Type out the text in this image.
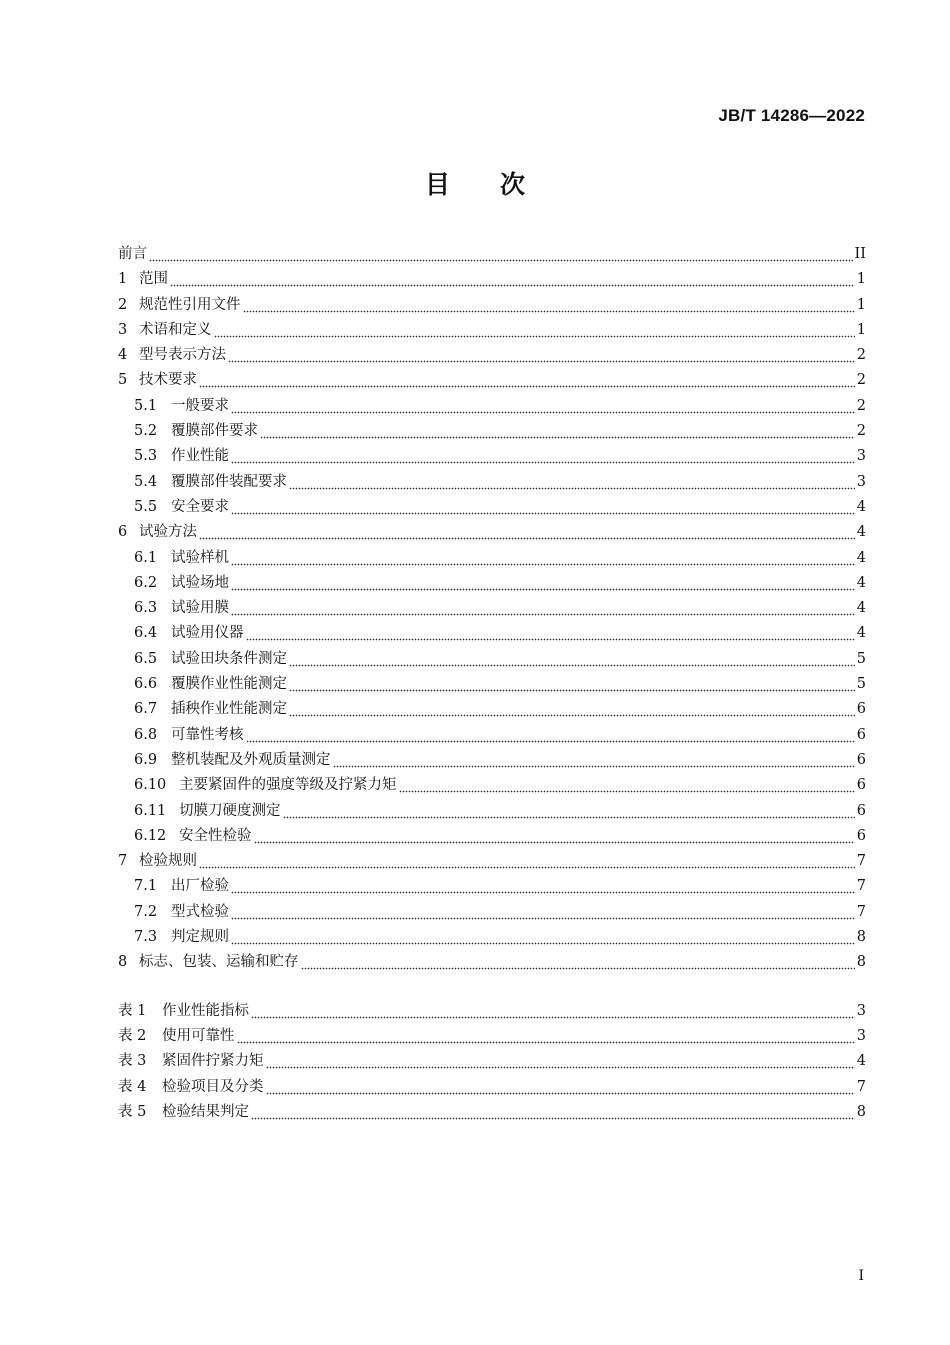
JB/T 14286—2022
目次
前言	II
1 范围	1
2 规范性引用文件	1
3 术语和定义	1
4 型号表示方法	2
5 技术要求	2
5.1 一般要求	2
5.2 覆膜部件要求	2
5.3 作业性能	3
5.4 覆膜部件装配要求	3
5.5 安全要求	4
6 试验方法	4
6.1 试验样机	4
6.2 试验场地	4
6.3 试验用膜	4
6.4 试验用仪器	4
6.5 试验田块条件测定	5
6.6 覆膜作业性能测定	5
6.7 插秧作业性能测定	6
6.8 可靠性考核	6
6.9 整机装配及外观质量测定	6
6.10 主要紧固件的强度等级及拧紧力矩	6
6.11 切膜刀硬度测定	6
6.12 安全性检验	6
7 检验规则	7
7.1 出厂检验	7
7.2 型式检验	7
7.3 判定规则	8
8 标志、包装、运输和贮存	8
表 1	作业性能指标	3
表 2	使用可靠性	3
表 3	紧固件拧紧力矩	4
表 4	检验项目及分类	7
表 5	检验结果判定	8
I
